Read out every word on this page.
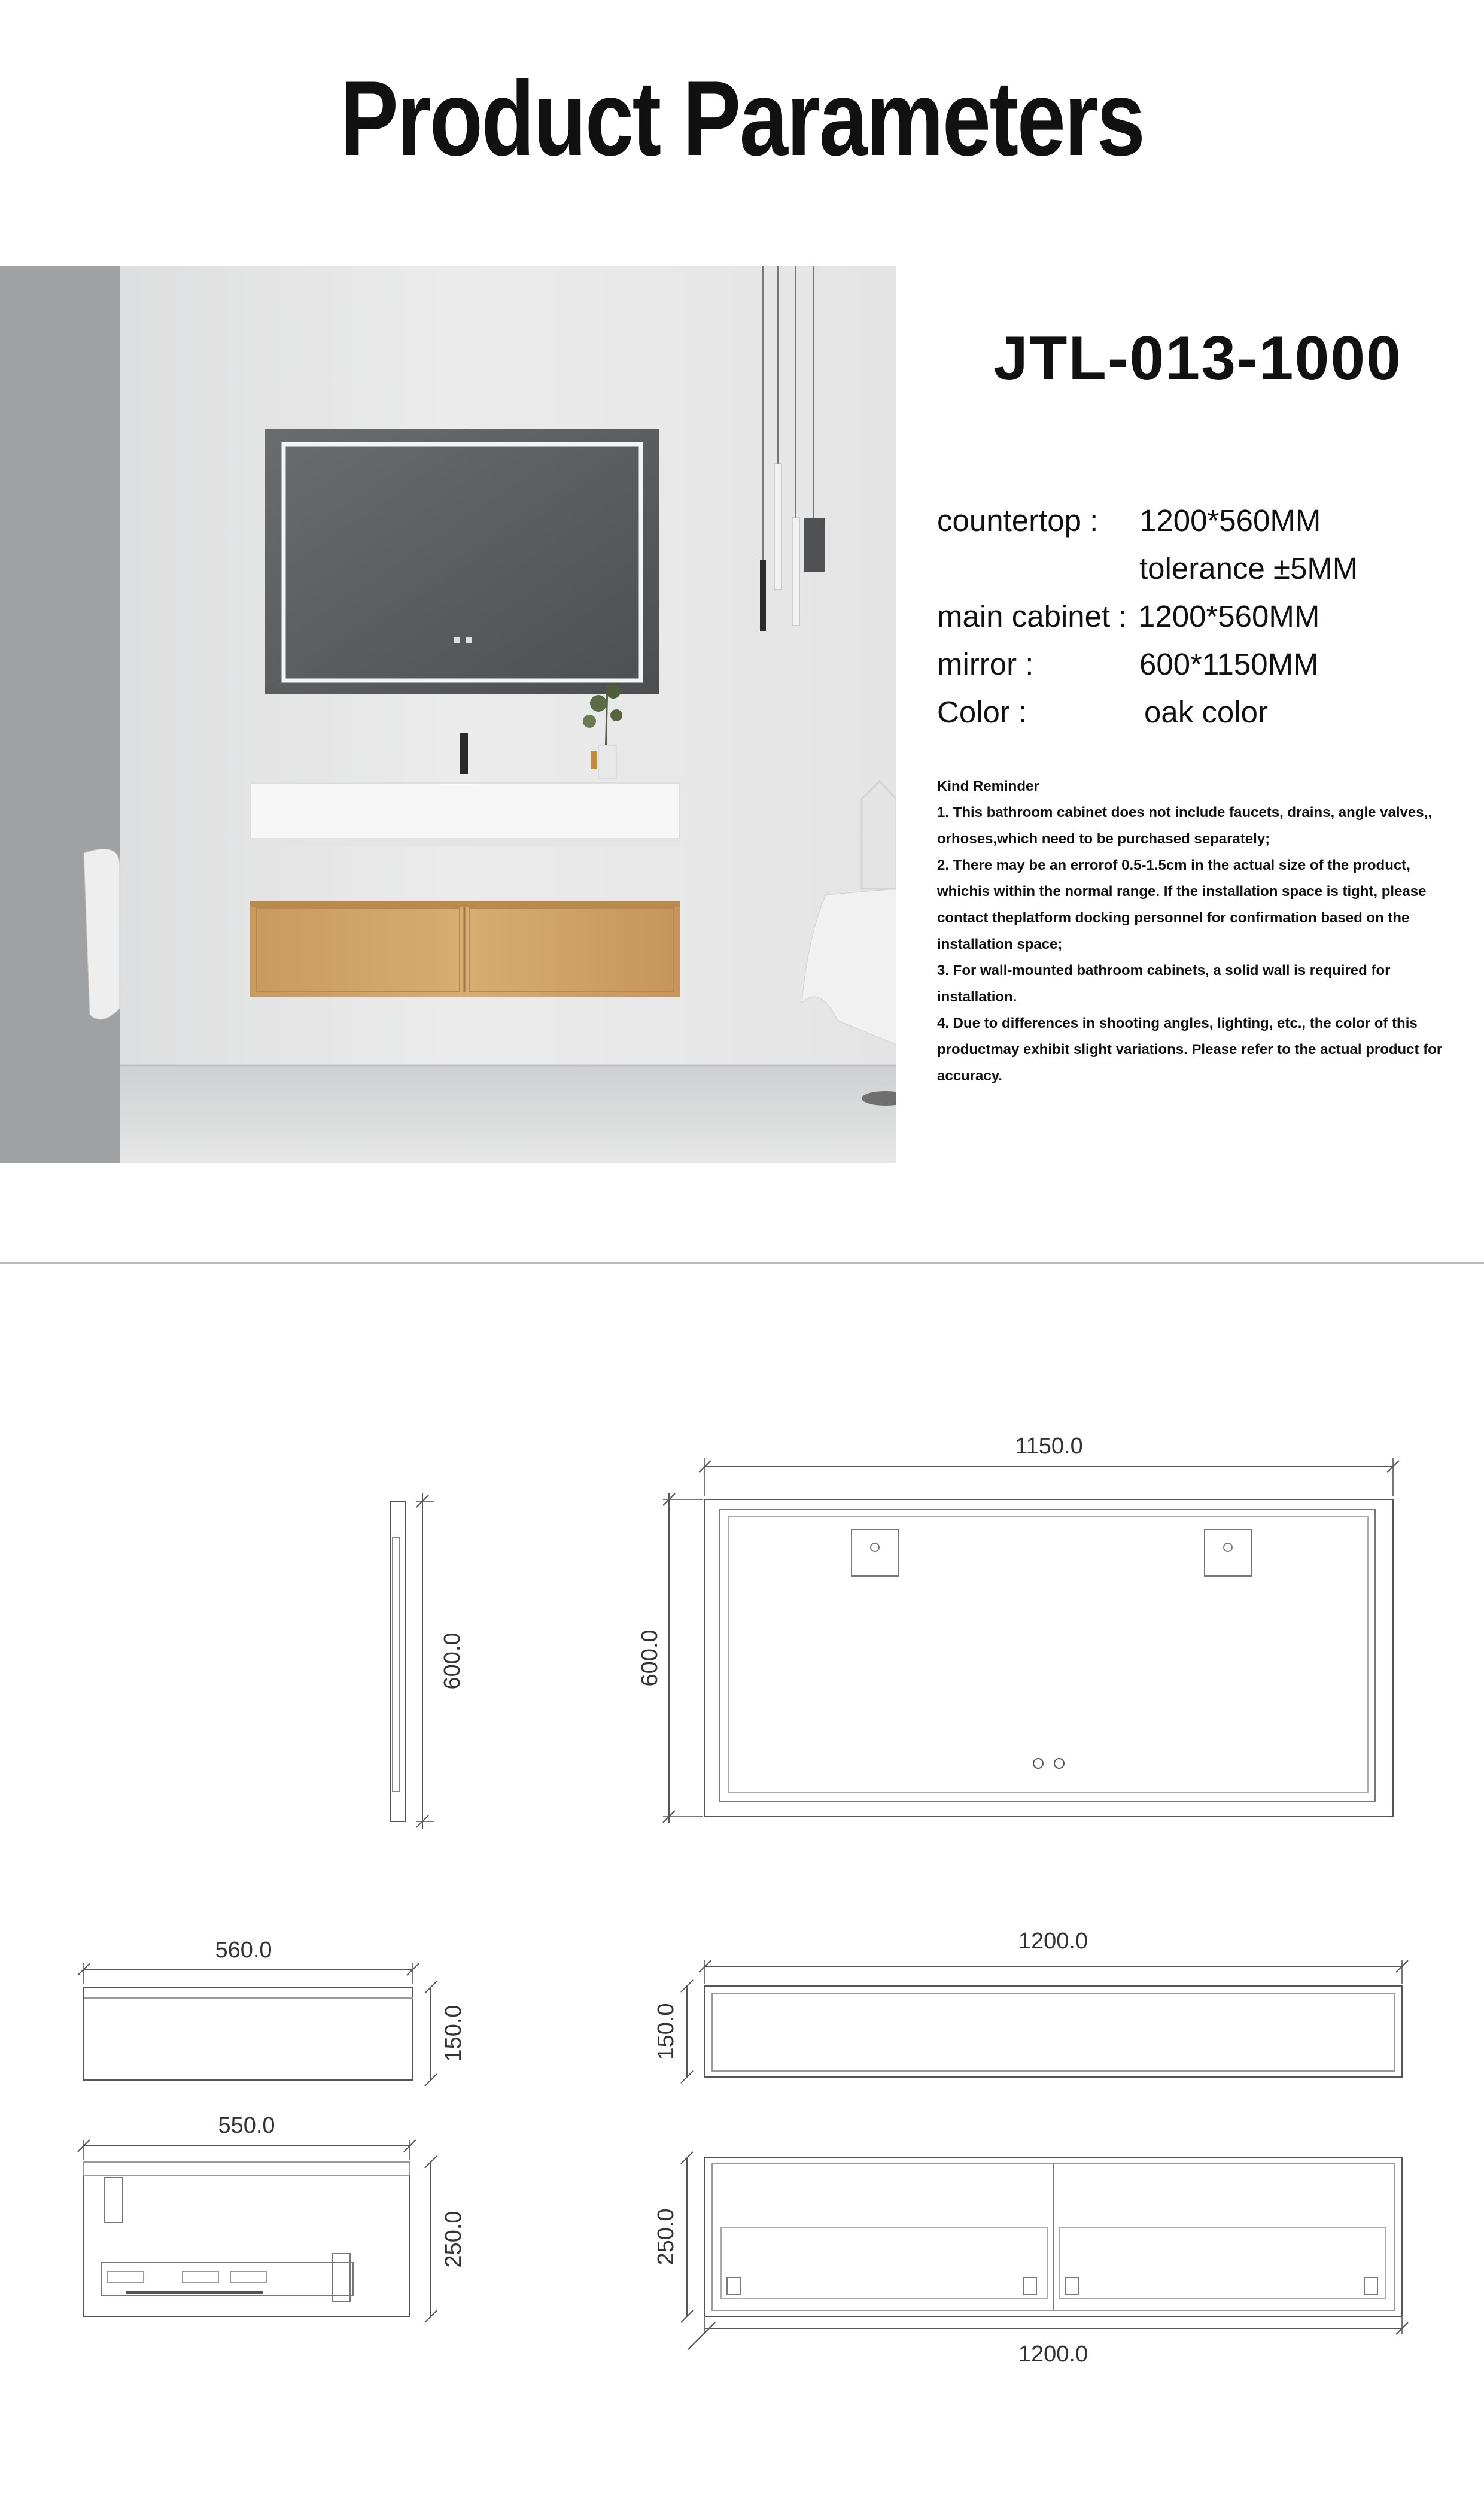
Product Parameters
JTL-013-1000
countertop : 1200*560MM
tolerance ±5MM
main cabinet : 1200*560MM
mirror :	600*1150MM
Color :	oak color

Kind Reminder

1. This bathroom cabinet does not include faucets, drains, angle valves,, orhoses,which need to be purchased separately;

2. There may be an errorof 0.5-1.5cm in the actual size of the product, whichis within the normal range. If the installation space is tight, please contact theplatform docking personnel for confirmation based on the installation space;

3. For wall-mounted bathroom cabinets, a solid wall is required for installation.

4. Due to differences in shooting angles, lighting, etc., the color of this productmay exhibit slight variations. Please refer to the actual product for accuracy.

600.0
1150.0
600.0
560.0
150.0
1200.0
150.0
550.0
250.0	250.0
1200.0
